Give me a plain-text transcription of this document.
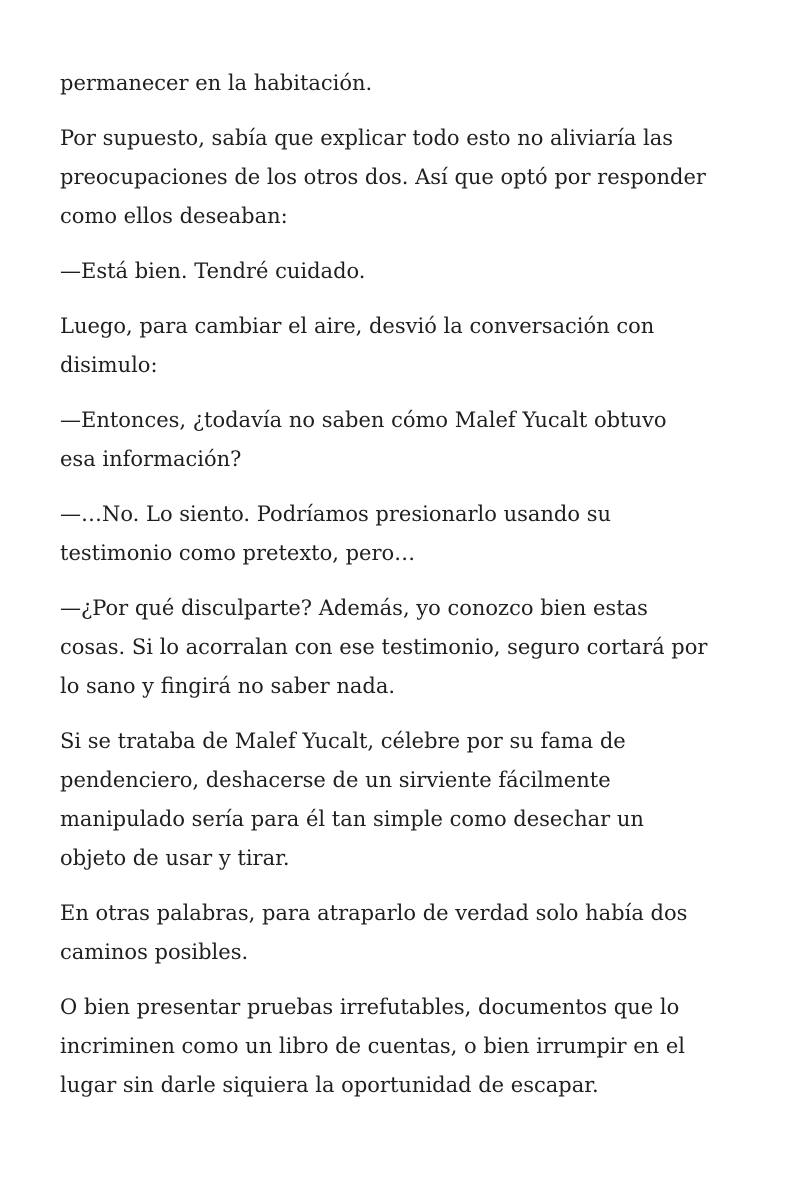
permanecer en la habitación.

Por supuesto, sabía que explicar todo esto no aliviaría las
preocupaciones de los otros dos. Así que optó por responder
como ellos deseaban:

—Está bien. Tendré cuidado.

Luego, para cambiar el aire, desvió la conversación con
disimulo:

—Entonces, ¿todavía no saben cómo Malef Yucalt obtuvo
esa información?

—…No. Lo siento. Podríamos presionarlo usando su
testimonio como pretexto, pero…

—¿Por qué disculparte? Además, yo conozco bien estas
cosas. Si lo acorralan con ese testimonio, seguro cortará por
lo sano y fingirá no saber nada.

Si se trataba de Malef Yucalt, célebre por su fama de
pendenciero, deshacerse de un sirviente fácilmente
manipulado sería para él tan simple como desechar un
objeto de usar y tirar.

En otras palabras, para atraparlo de verdad solo había dos
caminos posibles.

O bien presentar pruebas irrefutables, documentos que lo
incriminen como un libro de cuentas, o bien irrumpir en el
lugar sin darle siquiera la oportunidad de escapar.
